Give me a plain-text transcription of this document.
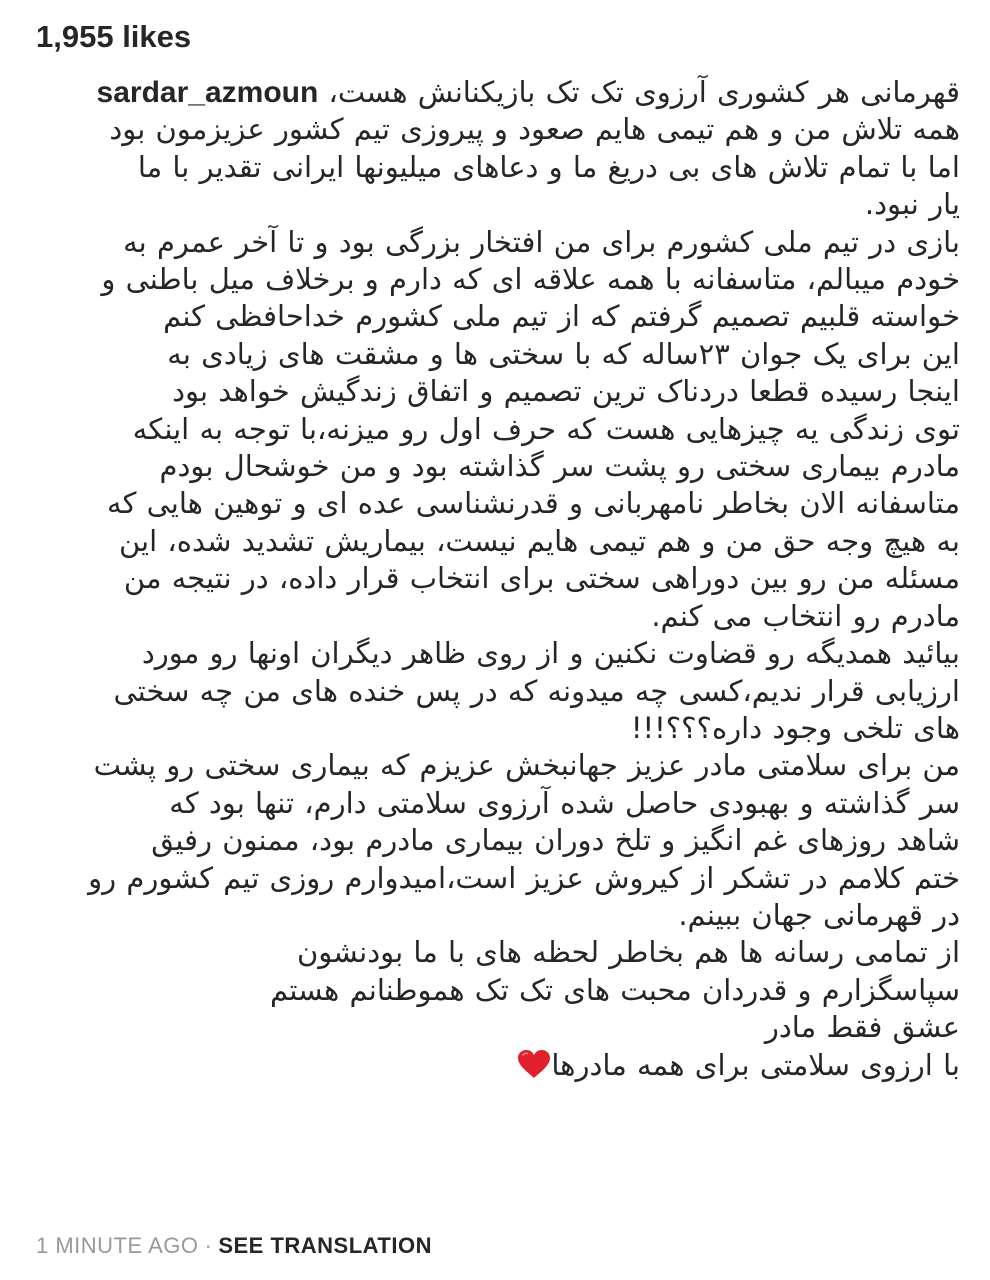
1,955 likes
قهرمانی هر کشوری آرزوی تک تک بازیکنانش هست، sardar_azmoun
همه تلاش من و هم تیمی هایم صعود و پیروزی تیم کشور عزیزمون بود
اما با تمام تلاش های بی دریغ ما و دعاهای میلیونها ایرانی تقدیر با ما
یار نبود.
بازی در تیم ملی کشورم برای من افتخار بزرگی بود و تا آخر عمرم به
خودم میبالم، متاسفانه با همه علاقه ای که دارم و برخلاف میل باطنی و
خواسته قلبیم تصمیم گرفتم که از تیم ملی کشورم خداحافظی کنم
این برای یک جوان ۲۳ساله که با سختی ها و مشقت های زیادی به
اینجا رسیده قطعا دردناک ترین تصمیم و اتفاق زندگیش خواهد بود
توی زندگی یه چیزهایی هست که حرف اول رو میزنه،با توجه به اینکه
مادرم بیماری سختی رو پشت سر گذاشته بود و من خوشحال بودم
متاسفانه الان بخاطر نامهربانی و قدرنشناسی عده ای و توهین هایی که
به هیچ وجه حق من و هم تیمی هایم نیست، بیماریش تشدید شده، این
مسئله من رو بین دوراهی سختی برای انتخاب قرار داده، در نتیجه من
مادرم رو انتخاب می کنم.
بیائید همدیگه رو قضاوت نکنین و از روی ظاهر دیگران اونها رو مورد
ارزیابی قرار ندیم،کسی چه میدونه که در پس خنده های من چه سختی
های تلخی وجود داره؟؟؟!!!
من برای سلامتی مادر عزیز جهانبخش عزیزم که بیماری سختی رو پشت
سر گذاشته و بهبودی حاصل شده آرزوی سلامتی دارم، تنها بود که
شاهد روزهای غم انگیز و تلخ دوران بیماری مادرم بود، ممنون رفیق
ختم کلامم در تشکر از کیروش عزیز است،امیدوارم روزی تیم کشورم رو
در قهرمانی جهان ببینم.
از تمامی رسانه ها هم بخاطر لحظه های با ما بودنشون
سپاسگزارم و قدردان محبت های تک تک هموطنانم هستم
عشق فقط مادر
با ارزوی سلامتی برای همه مادرها
1 MINUTE AGO · SEE TRANSLATION
